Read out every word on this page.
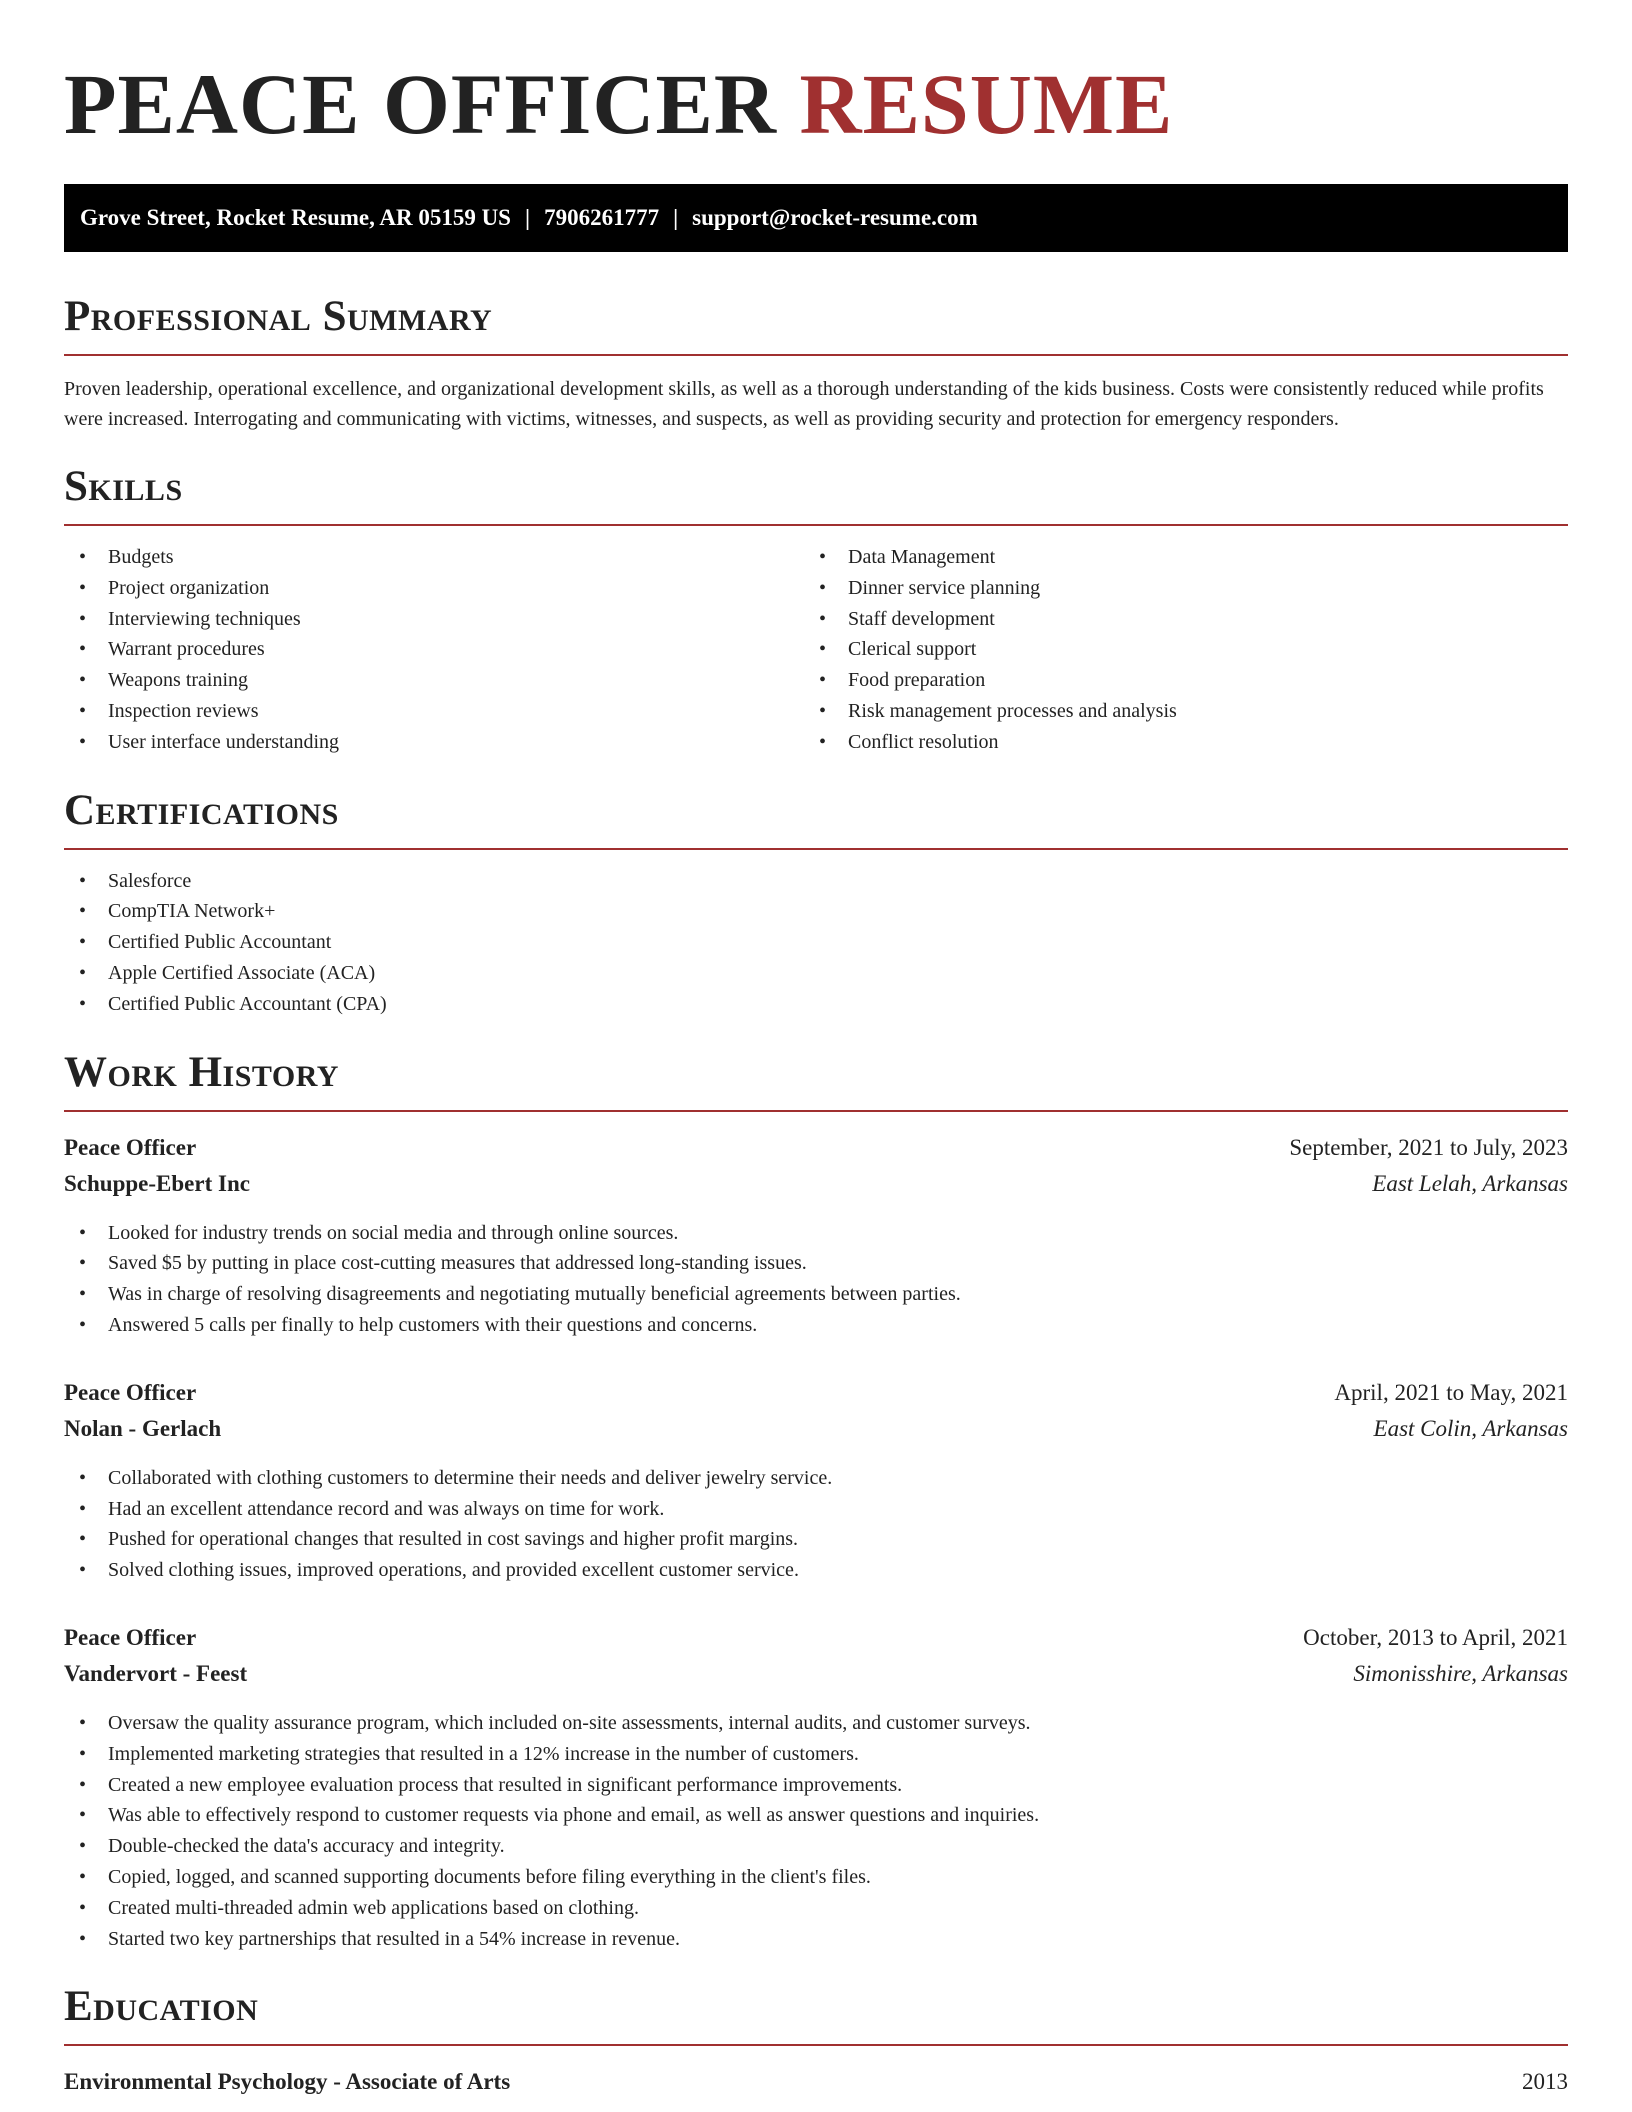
PEACE OFFICER RESUME
Grove Street, Rocket Resume, AR 05159 US | 7906261777 | support@rocket-resume.com
Professional Summary

Proven leadership, operational excellence, and organizational development skills, as well as a thorough understanding of the kids business. Costs were consistently reduced while profits were increased. Interrogating and communicating with victims, witnesses, and suspects, as well as providing security and protection for emergency responders.

Skills
• Budgets
• Project organization
• Interviewing techniques
• Warrant procedures
• Weapons training
• Inspection reviews
• User interface understanding
• Data Management
• Dinner service planning
• Staff development
• Clerical support
• Food preparation
• Risk management processes and analysis
• Conflict resolution
Certifications
• Salesforce
• CompTIA Network+
• Certified Public Accountant
• Apple Certified Associate (ACA)
• Certified Public Accountant (CPA)
Work History
Peace Officer	September, 2021 to July, 2023
Schuppe-Ebert Inc	East Lelah, Arkansas
• Looked for industry trends on social media and through online sources.
• Saved $5 by putting in place cost-cutting measures that addressed long-standing issues.
• Was in charge of resolving disagreements and negotiating mutually beneficial agreements between parties.
• Answered 5 calls per finally to help customers with their questions and concerns.
Peace Officer	April, 2021 to May, 2021
Nolan - Gerlach	East Colin, Arkansas
• Collaborated with clothing customers to determine their needs and deliver jewelry service.
• Had an excellent attendance record and was always on time for work.
• Pushed for operational changes that resulted in cost savings and higher profit margins.
• Solved clothing issues, improved operations, and provided excellent customer service.
Peace Officer	October, 2013 to April, 2021
Vandervort - Feest	Simonisshire, Arkansas
• Oversaw the quality assurance program, which included on-site assessments, internal audits, and customer surveys.
• Implemented marketing strategies that resulted in a 12% increase in the number of customers.
• Created a new employee evaluation process that resulted in significant performance improvements.
• Was able to effectively respond to customer requests via phone and email, as well as answer questions and inquiries.
• Double-checked the data's accuracy and integrity.
• Copied, logged, and scanned supporting documents before filing everything in the client's files.
• Created multi-threaded admin web applications based on clothing.
• Started two key partnerships that resulted in a 54% increase in revenue.
Education
Environmental Psychology - Associate of Arts	2013
